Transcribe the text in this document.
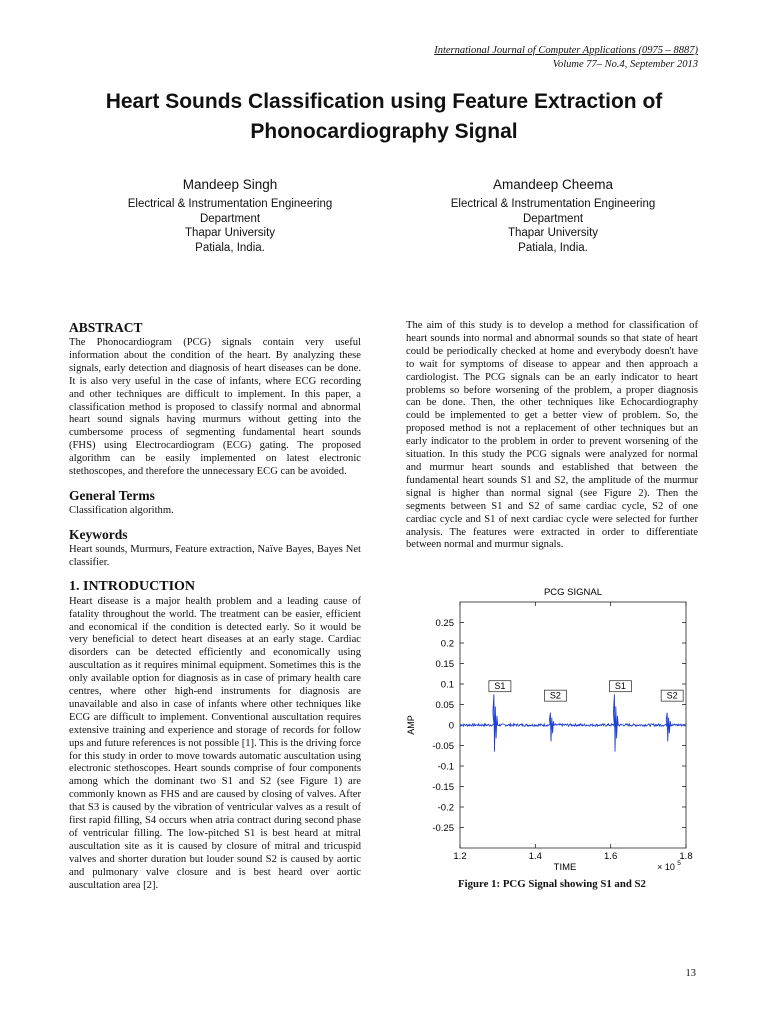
International Journal of Computer Applications (0975 – 8887)
Volume 77– No.4, September 2013
Heart Sounds Classification using Feature Extraction of Phonocardiography Signal
Mandeep Singh
Electrical & Instrumentation Engineering
Department
Thapar University
Patiala, India.
Amandeep Cheema
Electrical & Instrumentation Engineering
Department
Thapar University
Patiala, India.
ABSTRACT

The Phonocardiogram (PCG) signals contain very useful information about the condition of the heart. By analyzing these signals, early detection and diagnosis of heart diseases can be done. It is also very useful in the case of infants, where ECG recording and other techniques are difficult to implement. In this paper, a classification method is proposed to classify normal and abnormal heart sound signals having murmurs without getting into the cumbersome process of segmenting fundamental heart sounds (FHS) using Electrocardiogram (ECG) gating. The proposed algorithm can be easily implemented on latest electronic stethoscopes, and therefore the unnecessary ECG can be avoided.

General Terms

Classification algorithm.

Keywords

Heart sounds, Murmurs, Feature extraction, Naïve Bayes, Bayes Net classifier.

1. INTRODUCTION

Heart disease is a major health problem and a leading cause of fatality throughout the world. The treatment can be easier, efficient and economical if the condition is detected early. So it would be very beneficial to detect heart diseases at an early stage. Cardiac disorders can be detected efficiently and economically using auscultation as it requires minimal equipment. Sometimes this is the only available option for diagnosis as in case of primary health care centres, where other high-end instruments for diagnosis are unavailable and also in case of infants where other techniques like ECG are difficult to implement. Conventional auscultation requires extensive training and experience and storage of records for follow ups and future references is not possible [1]. This is the driving force for this study in order to move towards automatic auscultation using electronic stethoscopes. Heart sounds comprise of four components among which the dominant two S1 and S2 (see Figure 1) are commonly known as FHS and are caused by closing of valves. After that S3 is caused by the vibration of ventricular valves as a result of first rapid filling, S4 occurs when atria contract during second phase of ventricular filling. The low-pitched S1 is best heard at mitral auscultation site as it is caused by closure of mitral and tricuspid valves and shorter duration but louder sound S2 is caused by aortic and pulmonary valve closure and is best heard over aortic auscultation area [2].

The aim of this study is to develop a method for classification of heart sounds into normal and abnormal sounds so that state of heart could be periodically checked at home and everybody doesn't have to wait for symptoms of disease to appear and then approach a cardiologist. The PCG signals can be an early indicator to heart problems so before worsening of the problem, a proper diagnosis can be done. Then, the other techniques like Echocardiography could be implemented to get a better view of problem. So, the proposed method is not a replacement of other techniques but an early indicator to the problem in order to prevent worsening of the situation. In this study the PCG signals were analyzed for normal and murmur heart sounds and established that between the fundamental heart sounds S1 and S2, the amplitude of the murmur signal is higher than normal signal (see Figure 2). Then the segments between S1 and S2 of same cardiac cycle, S2 of one cardiac cycle and S1 of next cardiac cycle were selected for further analysis. The features were extracted in order to differentiate between normal and murmur signals.

PCG SIGNAL
0.25
0.2
0.15
0.1
0.05
0
-0.05
-0.1
-0.15
-0.2
-0.25
1.2	1.4	1.6	1.8
TIME
AMP
× 10 5
S1
S2
S1
S2
Figure 1: PCG Signal showing S1 and S2
13
